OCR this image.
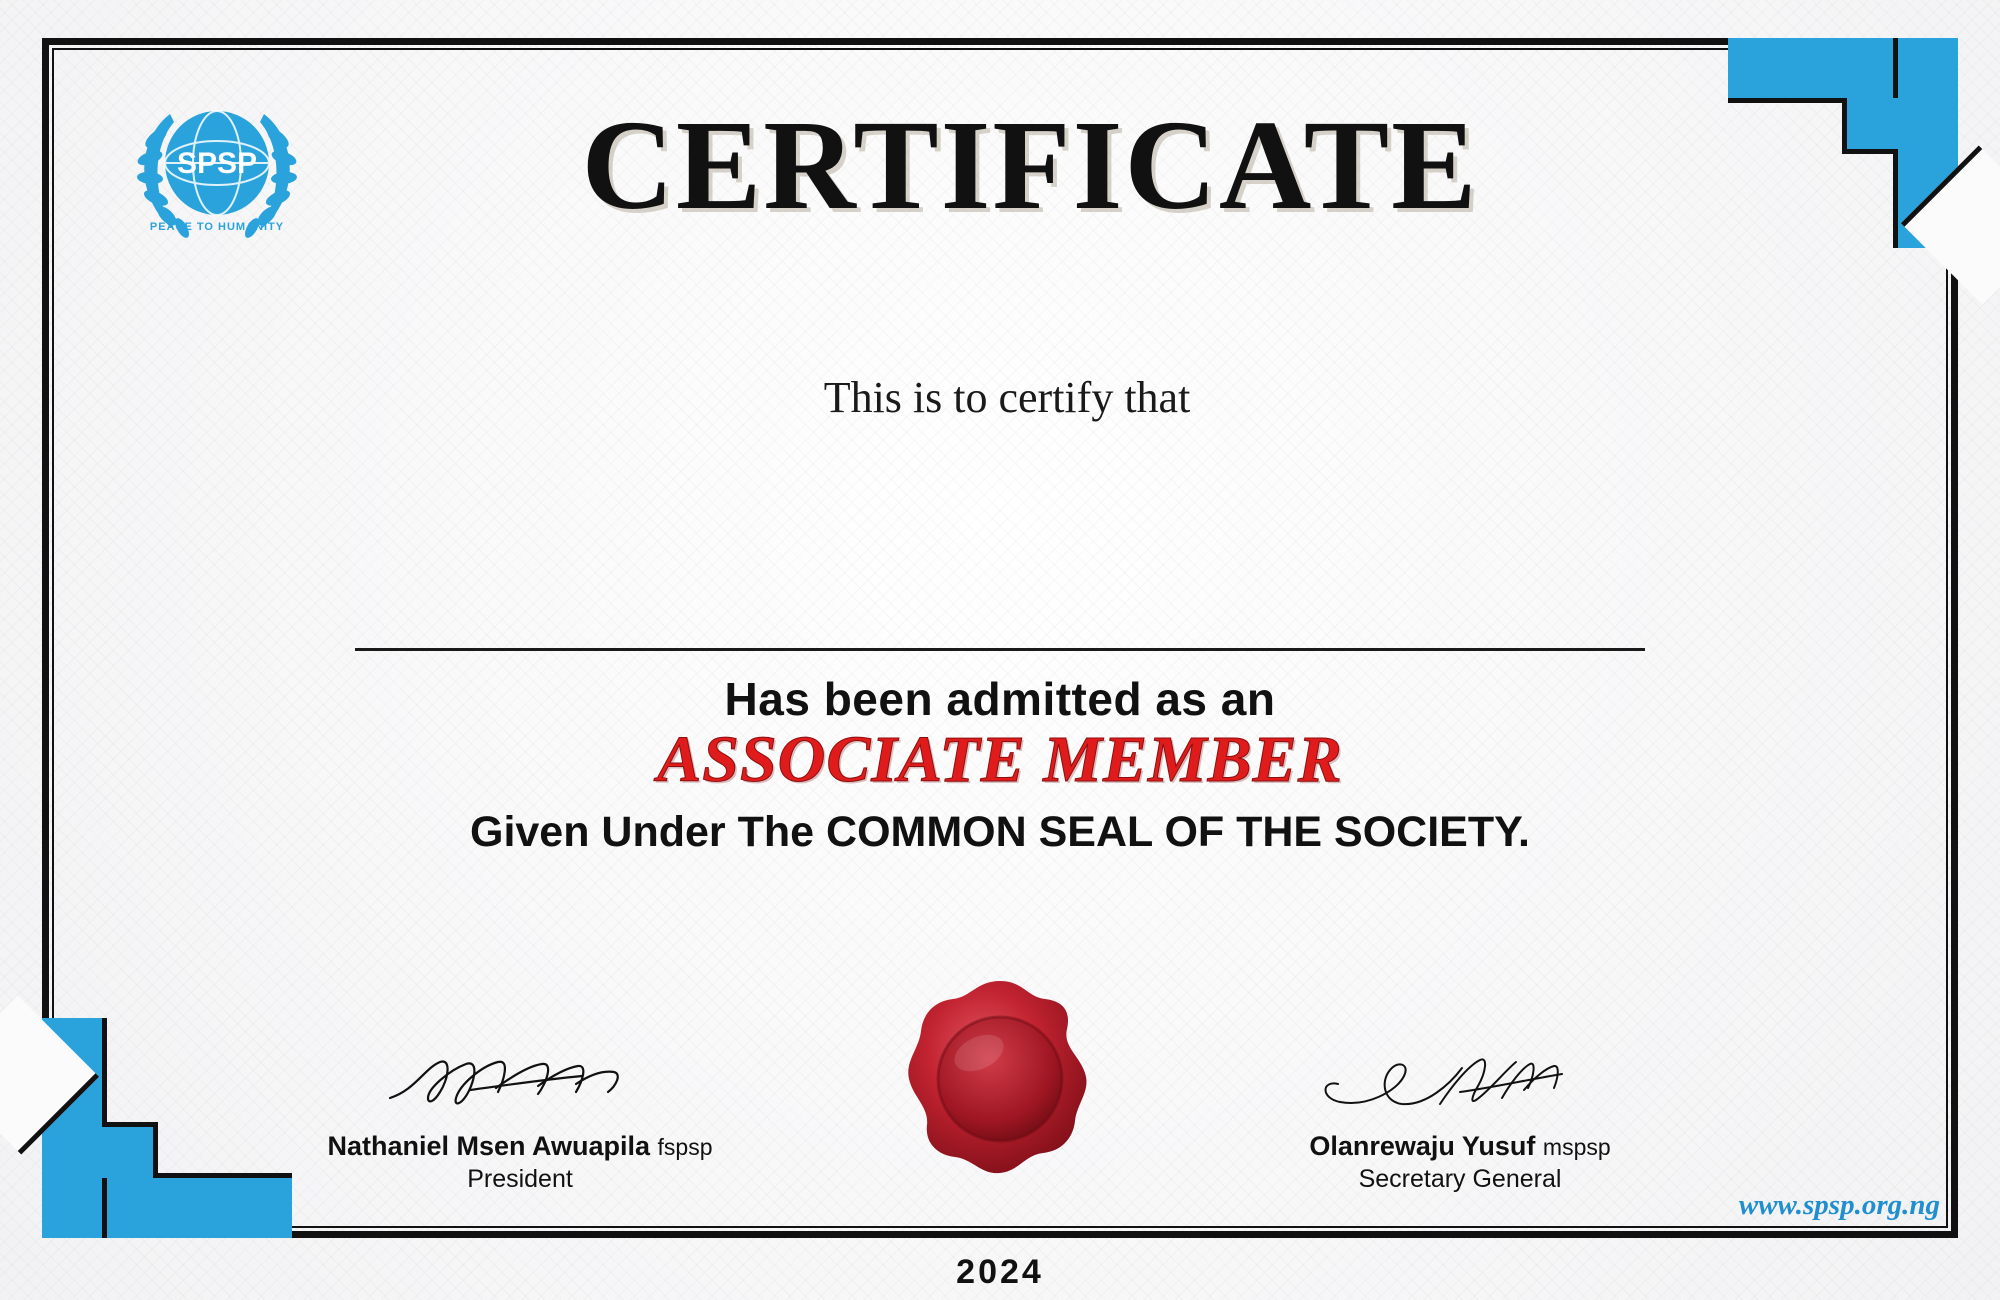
SPSP
PEACE TO HUMANITY	CERTIFICATE
This is to certify that
Has been admitted as an
ASSOCIATE MEMBER
Given Under The COMMON SEAL OF THE SOCIETY.
Nathaniel Msen Awuapila fspsp
President
Olanrewaju Yusuf mspsp
Secretary General
www.spsp.org.ng
2024
